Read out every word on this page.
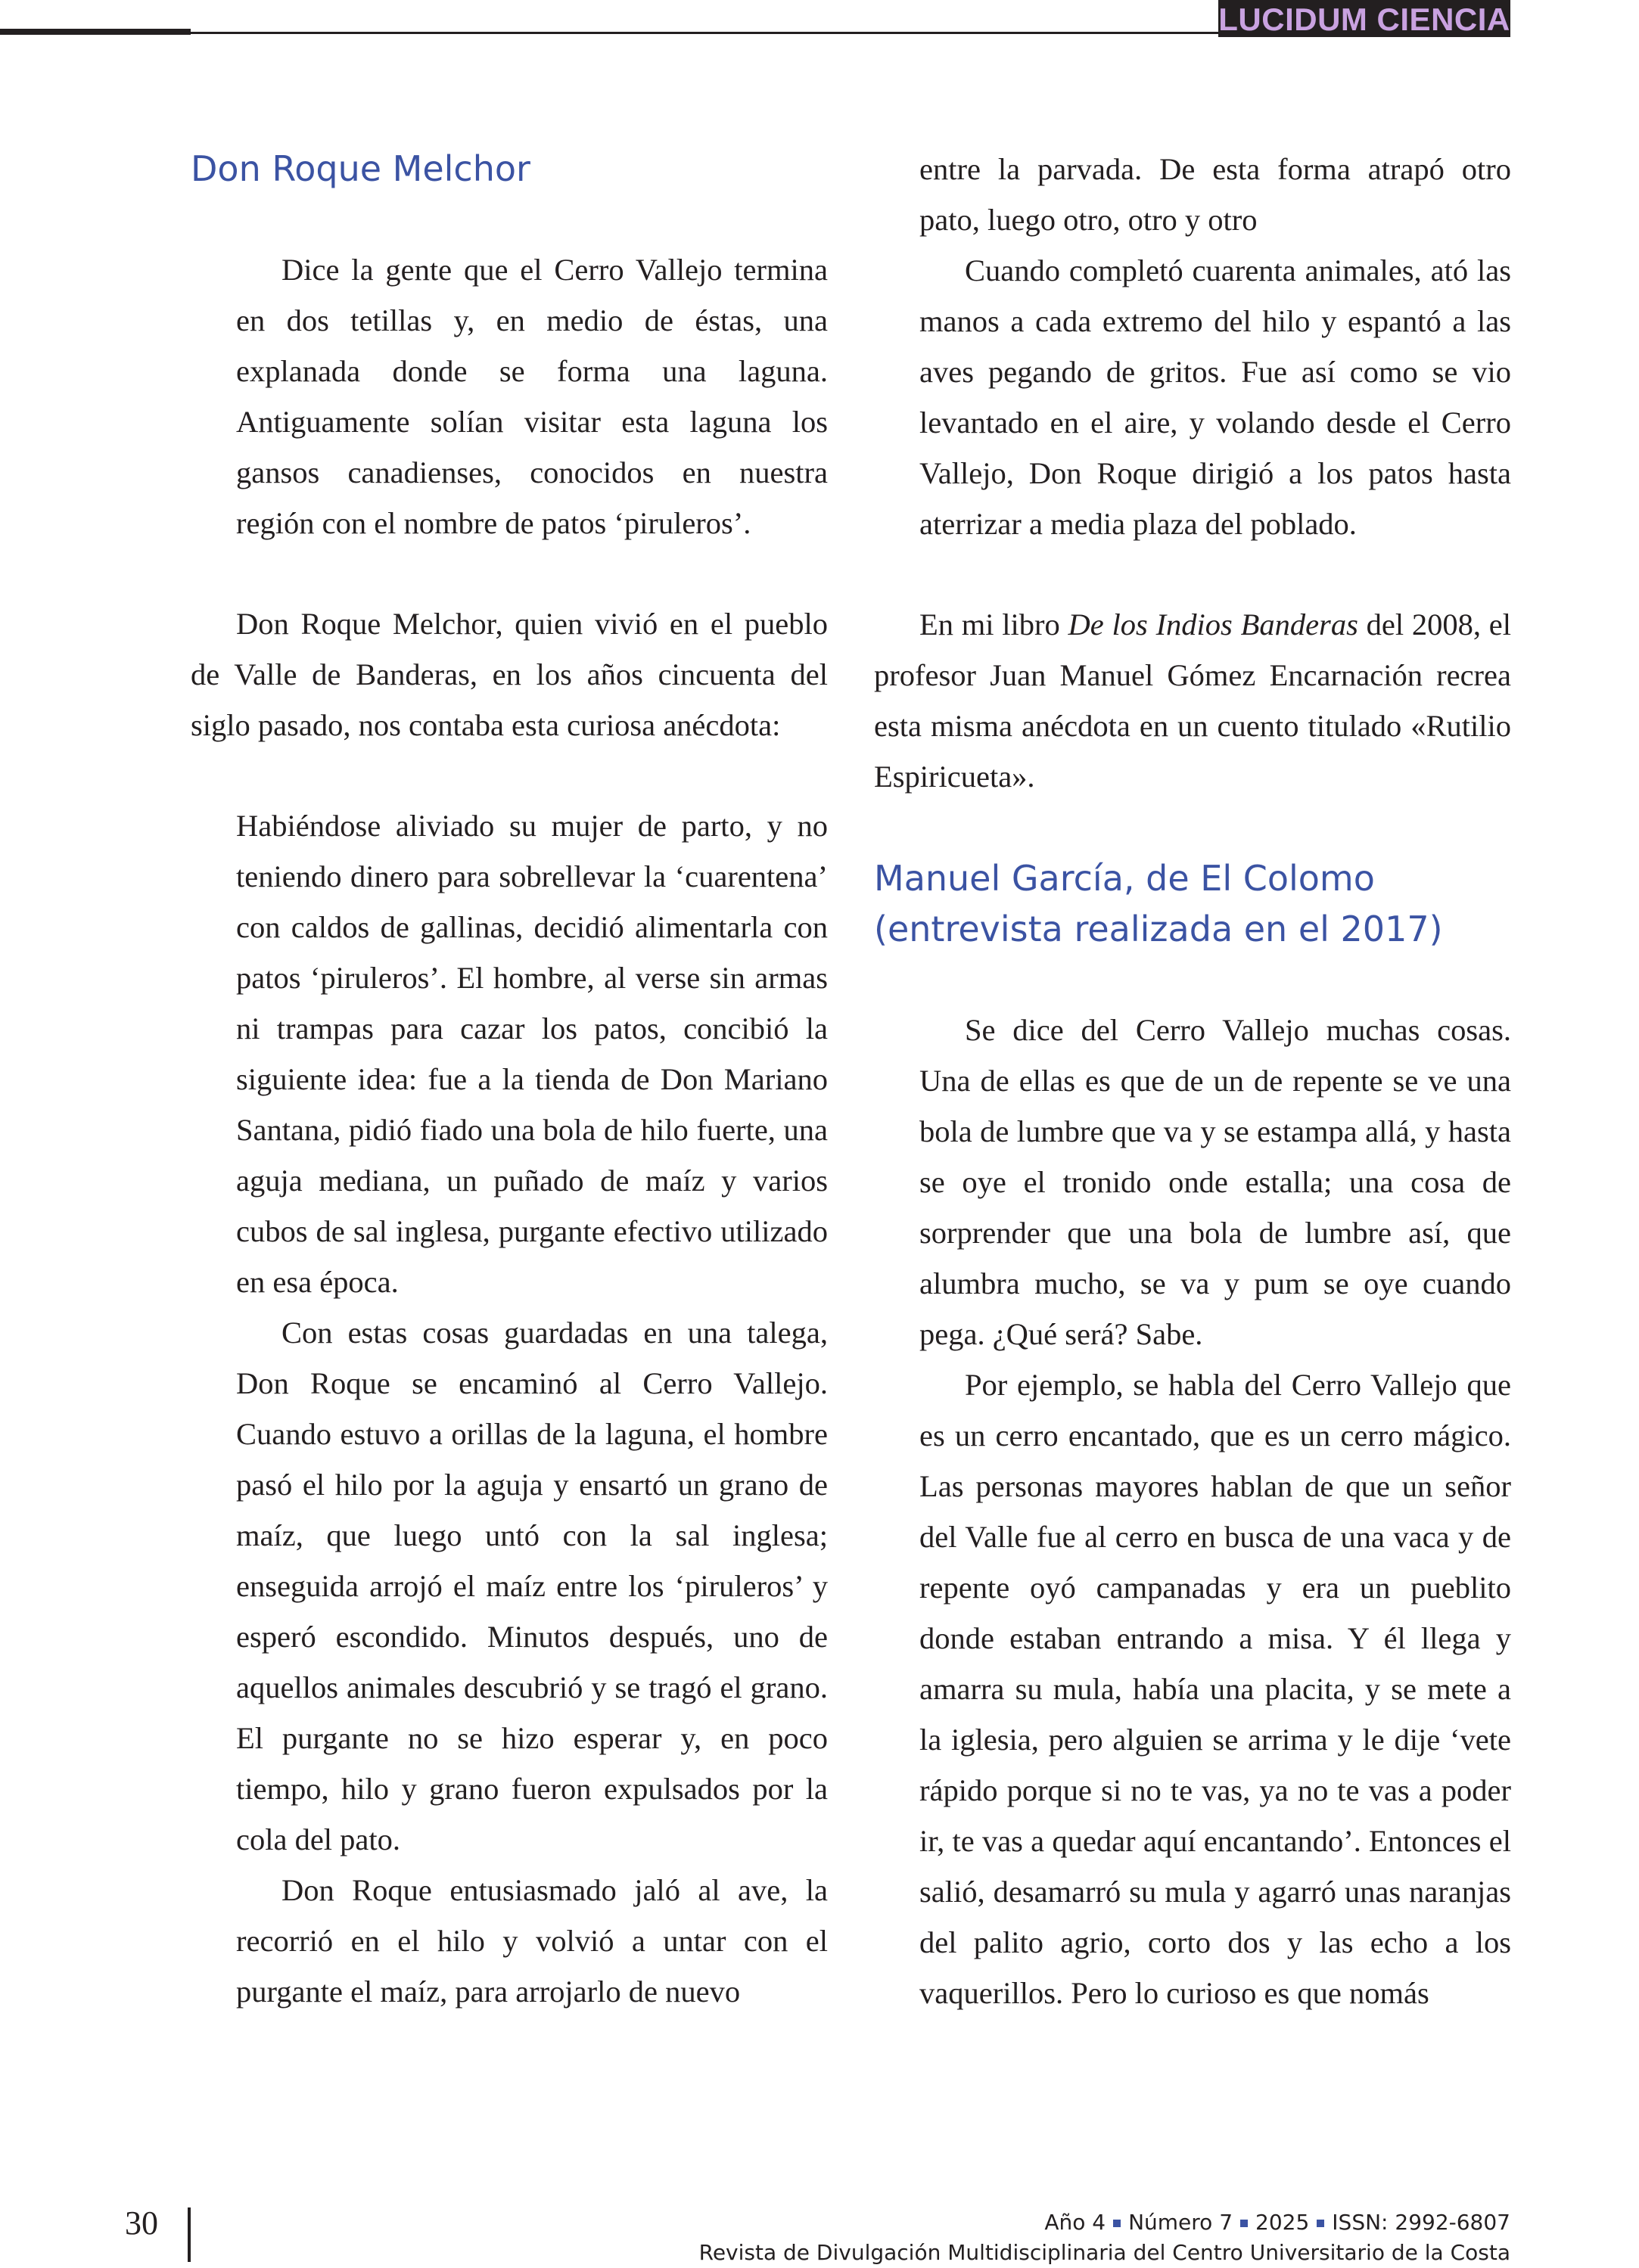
LUCIDUM CIENCIA
Don Roque Melchor

Dice la gente que el Cerro Vallejo termina en dos tetillas y, en medio de éstas, una explanada donde se forma una laguna. Antiguamente solían visitar esta laguna los gansos canadienses, conocidos en nuestra región con el nombre de patos ‘piruleros’.

Don Roque Melchor, quien vivió en el pueblo de Valle de Banderas, en los años cincuenta del siglo pasado, nos contaba esta curiosa anécdota:

Habiéndose aliviado su mujer de parto, y no teniendo dinero para sobrellevar la ‘cuarentena’ con caldos de gallinas, decidió alimentarla con patos ‘piruleros’. El hombre, al verse sin armas ni trampas para cazar los patos, concibió la siguiente idea: fue a la tienda de Don Mariano Santana, pidió fiado una bola de hilo fuerte, una aguja mediana, un puñado de maíz y varios cubos de sal inglesa, purgante efectivo utilizado en esa época.

Con estas cosas guardadas en una talega, Don Roque se encaminó al Cerro Vallejo. Cuando estuvo a orillas de la laguna, el hombre pasó el hilo por la aguja y ensartó un grano de maíz, que luego untó con la sal inglesa; enseguida arrojó el maíz entre los ‘piruleros’ y esperó escondido. Minutos después, uno de aquellos animales descubrió y se tragó el grano. El purgante no se hizo esperar y, en poco tiempo, hilo y grano fueron expulsados por la cola del pato.

Don Roque entusiasmado jaló al ave, la recorrió en el hilo y volvió a untar con el purgante el maíz, para arrojarlo de nuevo

entre la parvada. De esta forma atrapó otro pato, luego otro, otro y otro

Cuando completó cuarenta animales, ató las manos a cada extremo del hilo y espantó a las aves pegando de gritos. Fue así como se vio levantado en el aire, y volando desde el Cerro Vallejo, Don Roque dirigió a los patos hasta aterrizar a media plaza del poblado.

En mi libro De los Indios Banderas del 2008, el profesor Juan Manuel Gómez Encarnación recrea esta misma anécdota en un cuento titulado «Rutilio Espiricueta».

Manuel García, de El Colomo
(entrevista realizada en el 2017)

Se dice del Cerro Vallejo muchas cosas. Una de ellas es que de un de repente se ve una bola de lumbre que va y se estampa allá, y hasta se oye el tronido onde estalla; una cosa de sorprender que una bola de lumbre así, que alumbra mucho, se va y pum se oye cuando pega. ¿Qué será? Sabe.

Por ejemplo, se habla del Cerro Vallejo que es un cerro encantado, que es un cerro mágico. Las personas mayores hablan de que un señor del Valle fue al cerro en busca de una vaca y de repente oyó campanadas y era un pueblito donde estaban entrando a misa. Y él llega y amarra su mula, había una placita, y se mete a la iglesia, pero alguien se arrima y le dije ‘vete rápido porque si no te vas, ya no te vas a poder ir, te vas a quedar aquí encantando’. Entonces el salió, desamarró su mula y agarró unas naranjas del palito agrio, corto dos y las echo a los vaquerillos. Pero lo curioso es que nomás

30	Año 4 Número 7 2025 ISSN: 2992-6807
Revista de Divulgación Multidisciplinaria del Centro Universitario de la Costa
